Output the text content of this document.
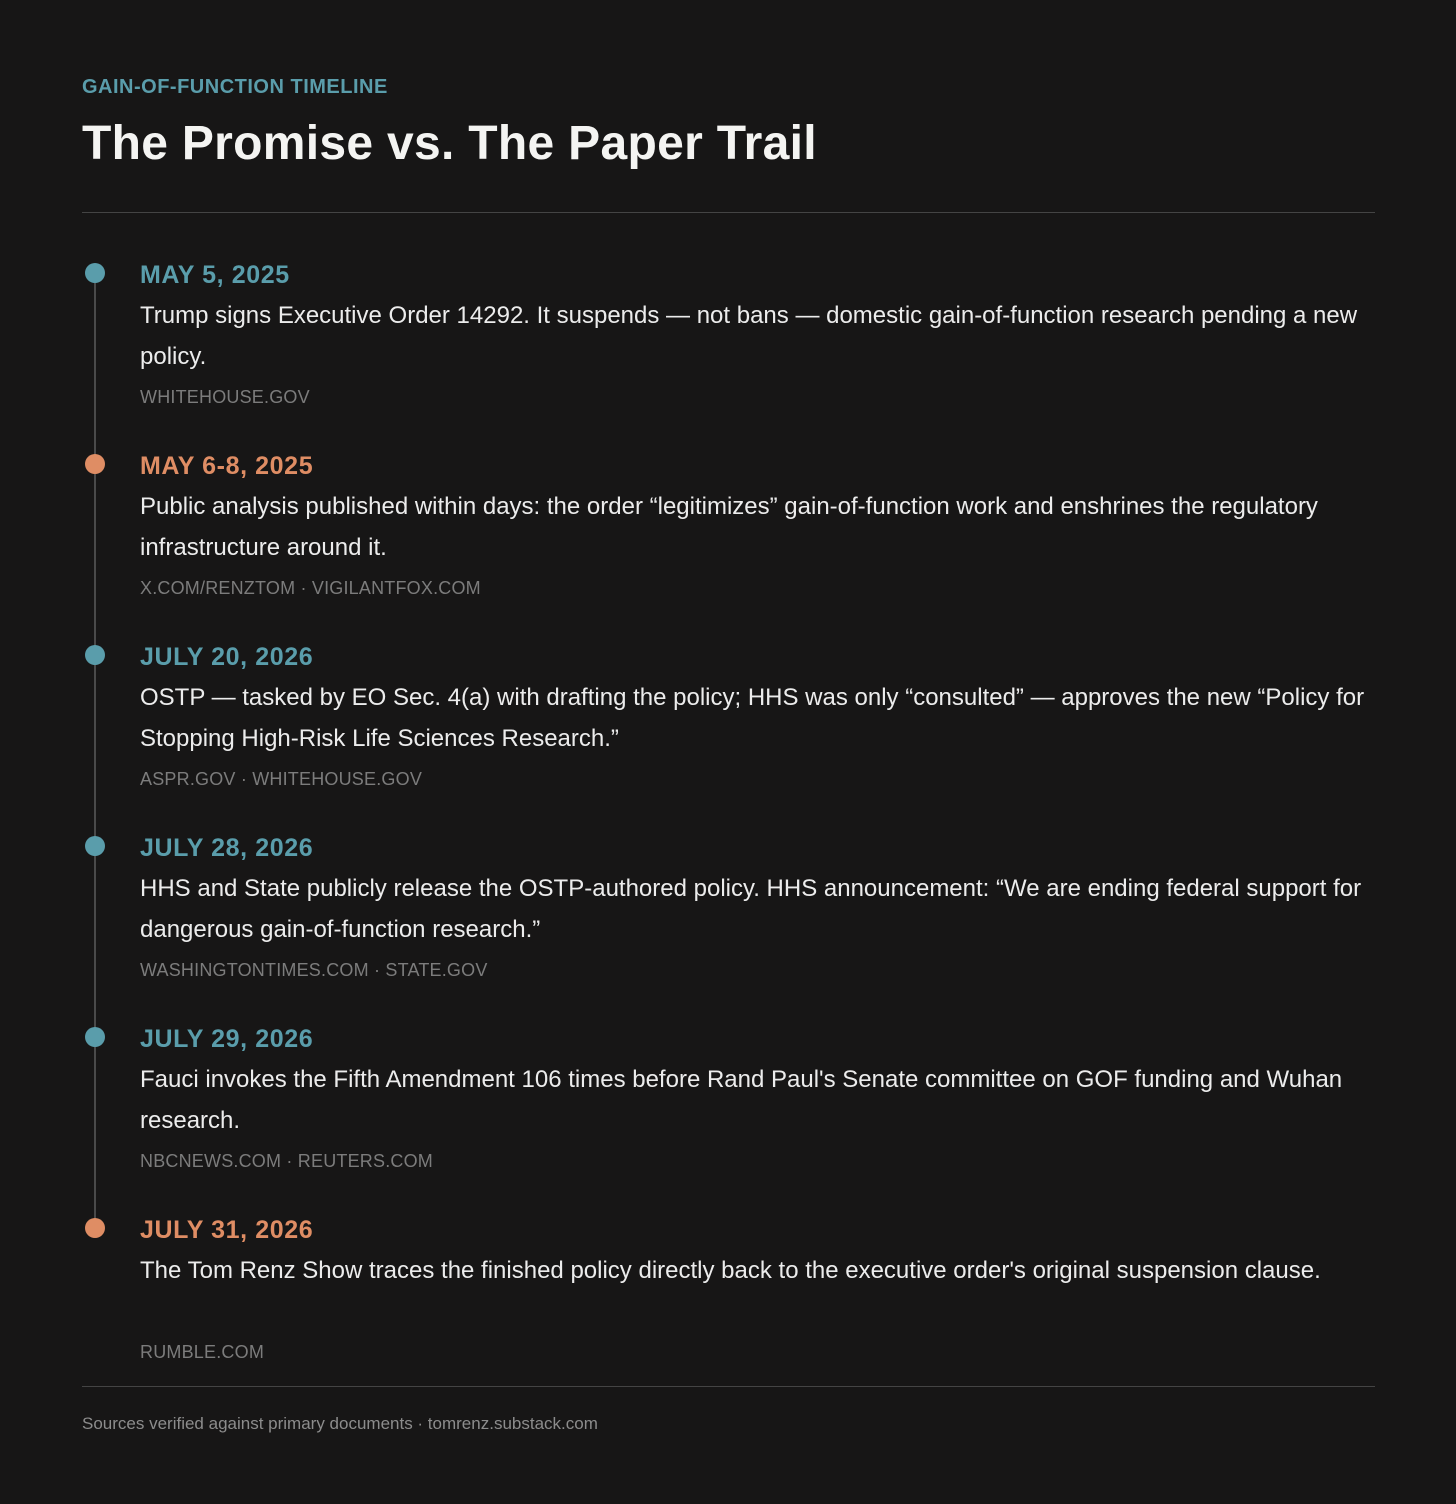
GAIN-OF-FUNCTION TIMELINE
The Promise vs. The Paper Trail
MAY 5, 2025
Trump signs Executive Order 14292. It suspends — not bans — domestic gain-of-function research pending a new policy.
WHITEHOUSE.GOV
MAY 6-8, 2025
Public analysis published within days: the order “legitimizes” gain-of-function work and enshrines the regulatory infrastructure around it.
X.COM/RENZTOM · VIGILANTFOX.COM
JULY 20, 2026
OSTP — tasked by EO Sec. 4(a) with drafting the policy; HHS was only “consulted” — approves the new “Policy for Stopping High-Risk Life Sciences Research.”
ASPR.GOV · WHITEHOUSE.GOV
JULY 28, 2026
HHS and State publicly release the OSTP-authored policy. HHS announcement: “We are ending federal support for dangerous gain-of-function research.”
WASHINGTONTIMES.COM · STATE.GOV
JULY 29, 2026
Fauci invokes the Fifth Amendment 106 times before Rand Paul's Senate committee on GOF funding and Wuhan research.
NBCNEWS.COM · REUTERS.COM
JULY 31, 2026
The Tom Renz Show traces the finished policy directly back to the executive order's original suspension clause.
RUMBLE.COM
Sources verified against primary documents · tomrenz.substack.com
